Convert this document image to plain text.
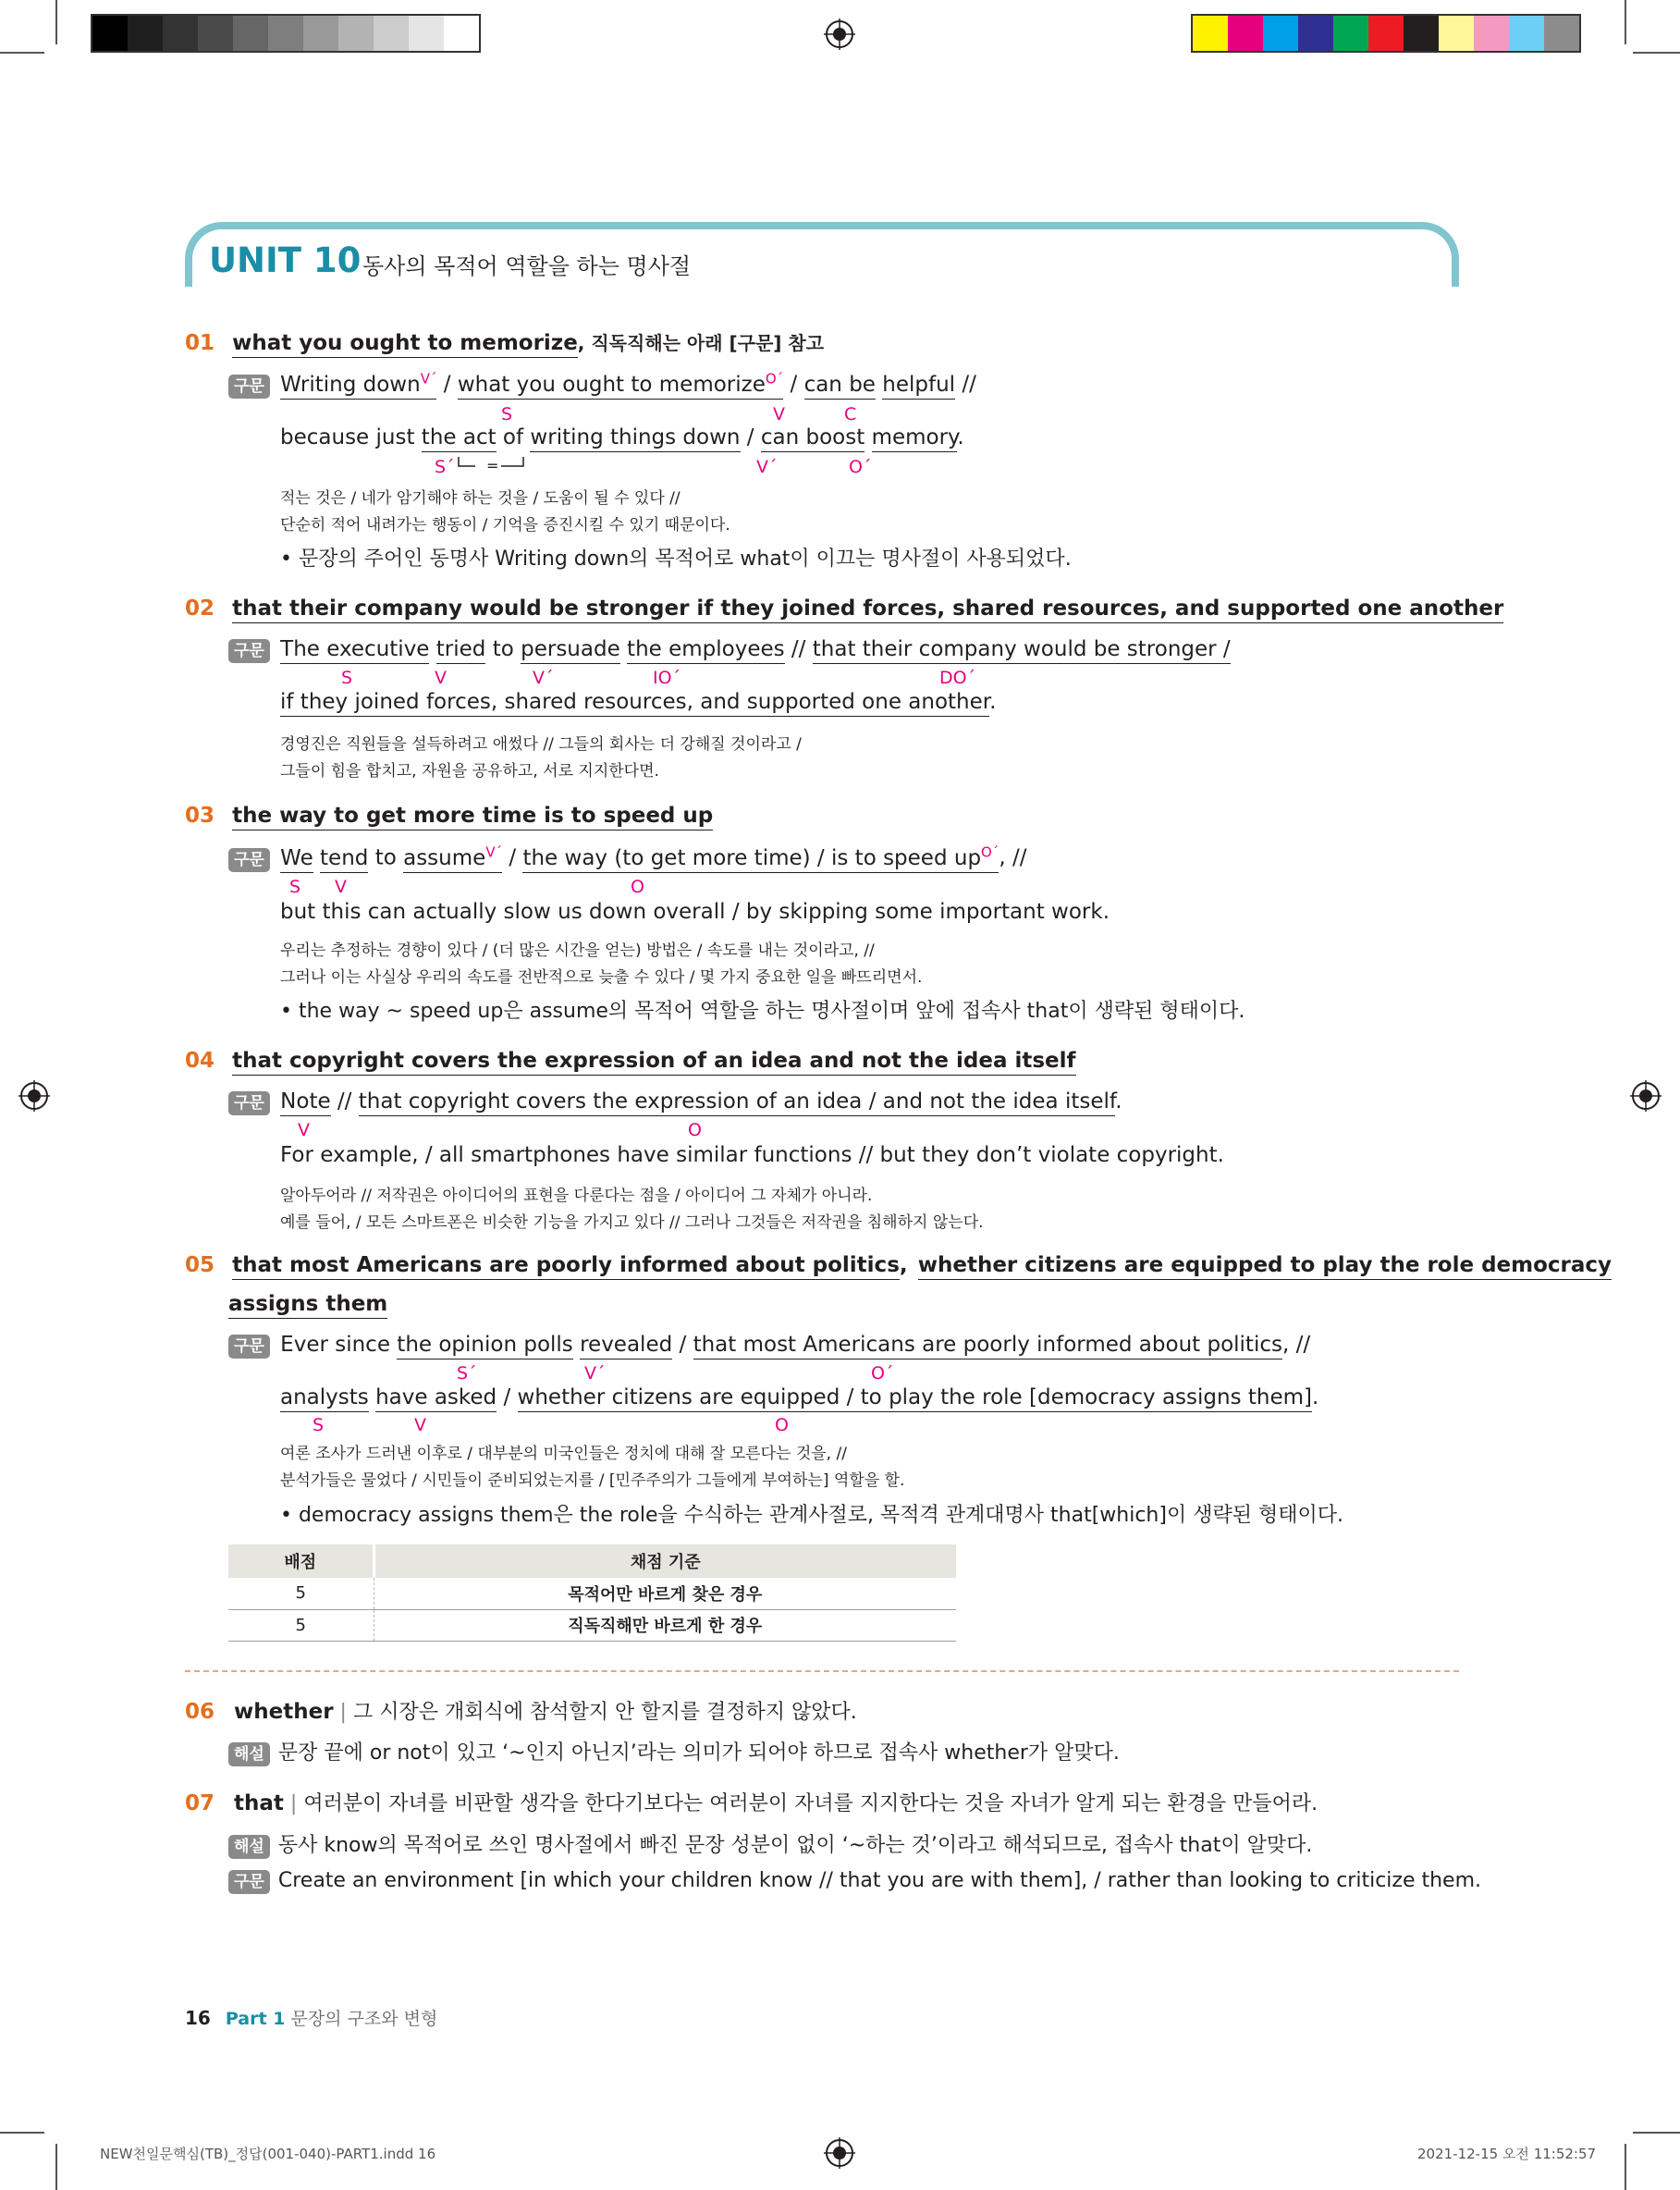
UNIT 10 동사의 목적어 역할을 하는 명사절
01 what you ought to memorize, 직독직해는 아래 [구문] 참고
구문 Writing down$^{V´}$ / what you ought to memorize$^{O´}$ / can be helpful //
S	V	C
because just the act of writing things down / can boost memory.
S´ =	V´	O´
적는 것은 / 네가 암기해야 하는 것을 / 도움이 될 수 있다 //
단순히 적어 내려가는 행동이 / 기억을 증진시킬 수 있기 때문이다.
• 문장의 주어인 동명사 Writing down의 목적어로 what이 이끄는 명사절이 사용되었다.
02 that their company would be stronger if they joined forces, shared resources, and supported one another
구문 The executive tried to persuade the employees // that their company would be stronger /
S	V	V´	IO´	DO´
if they joined forces, shared resources, and supported one another.
경영진은 직원들을 설득하려고 애썼다 // 그들의 회사는 더 강해질 것이라고 /
그들이 힘을 합치고, 자원을 공유하고, 서로 지지한다면.
03 the way to get more time is to speed up
구문 We tend to assume$^{V´}$ / the way (to get more time) / is to speed $up^{O´}$, //
S V	O
but this can actually slow us down overall / by skipping some important work.
우리는 추정하는 경향이 있다 / (더 많은 시간을 얻는) 방법은 / 속도를 내는 것이라고, //
그러나 이는 사실상 우리의 속도를 전반적으로 늦출 수 있다 / 몇 가지 중요한 일을 빠뜨리면서.
• the way ~ speed up은 assume의 목적어 역할을 하는 명사절이며 앞에 접속사 that이 생략된 형태이다.
04 that copyright covers the expression of an idea and not the idea itself
구문 Note // that copyright covers the expression of an idea / and not the idea itself.
V	O
For example, / all smartphones have similar functions // but they don’t violate copyright.
알아두어라 // 저작권은 아이디어의 표현을 다룬다는 점을 / 아이디어 그 자체가 아니라.
예를 들어, / 모든 스마트폰은 비슷한 기능을 가지고 있다 // 그러나 그것들은 저작권을 침해하지 않는다.
05 that most Americans are poorly informed about politics, whether citizens are equipped to play the role democracy
assigns them
구문 Ever since the opinion polls revealed / that most Americans are poorly informed about politics, //
S´	V´	O´
analysts have asked / whether citizens are equipped / to play the role [democracy assigns them].
S	V	O
여론 조사가 드러낸 이후로 / 대부분의 미국인들은 정치에 대해 잘 모른다는 것을, //
분석가들은 물었다 / 시민들이 준비되었는지를 / [민주주의가 그들에게 부여하는] 역할을 할.
• democracy assigns them은 the role을 수식하는 관계사절로, 목적격 관계대명사 that[which]이 생략된 형태이다.
배점	채점 기준
5	목적어만 바르게 찾은 경우
5	직독직해만 바르게 한 경우
06 whether | 그 시장은 개회식에 참석할지 안 할지를 결정하지 않았다.
해설 문장 끝에 or not이 있고 ‘~인지 아닌지’라는 의미가 되어야 하므로 접속사 whether가 알맞다.
07 that | 여러분이 자녀를 비판할 생각을 한다기보다는 여러분이 자녀를 지지한다는 것을 자녀가 알게 되는 환경을 만들어라.
해설 동사 know의 목적어로 쓰인 명사절에서 빠진 문장 성분이 없이 ‘~하는 것’이라고 해석되므로, 접속사 that이 알맞다.
구문 Create an environment [in which your children know // that you are with them], / rather than looking to criticize them.
16 Part 1 문장의 구조와 변형
NEW천일문핵심(TB)_정답(001-040)-PART1.indd 16	2021-12-15 오전 11:52:57
